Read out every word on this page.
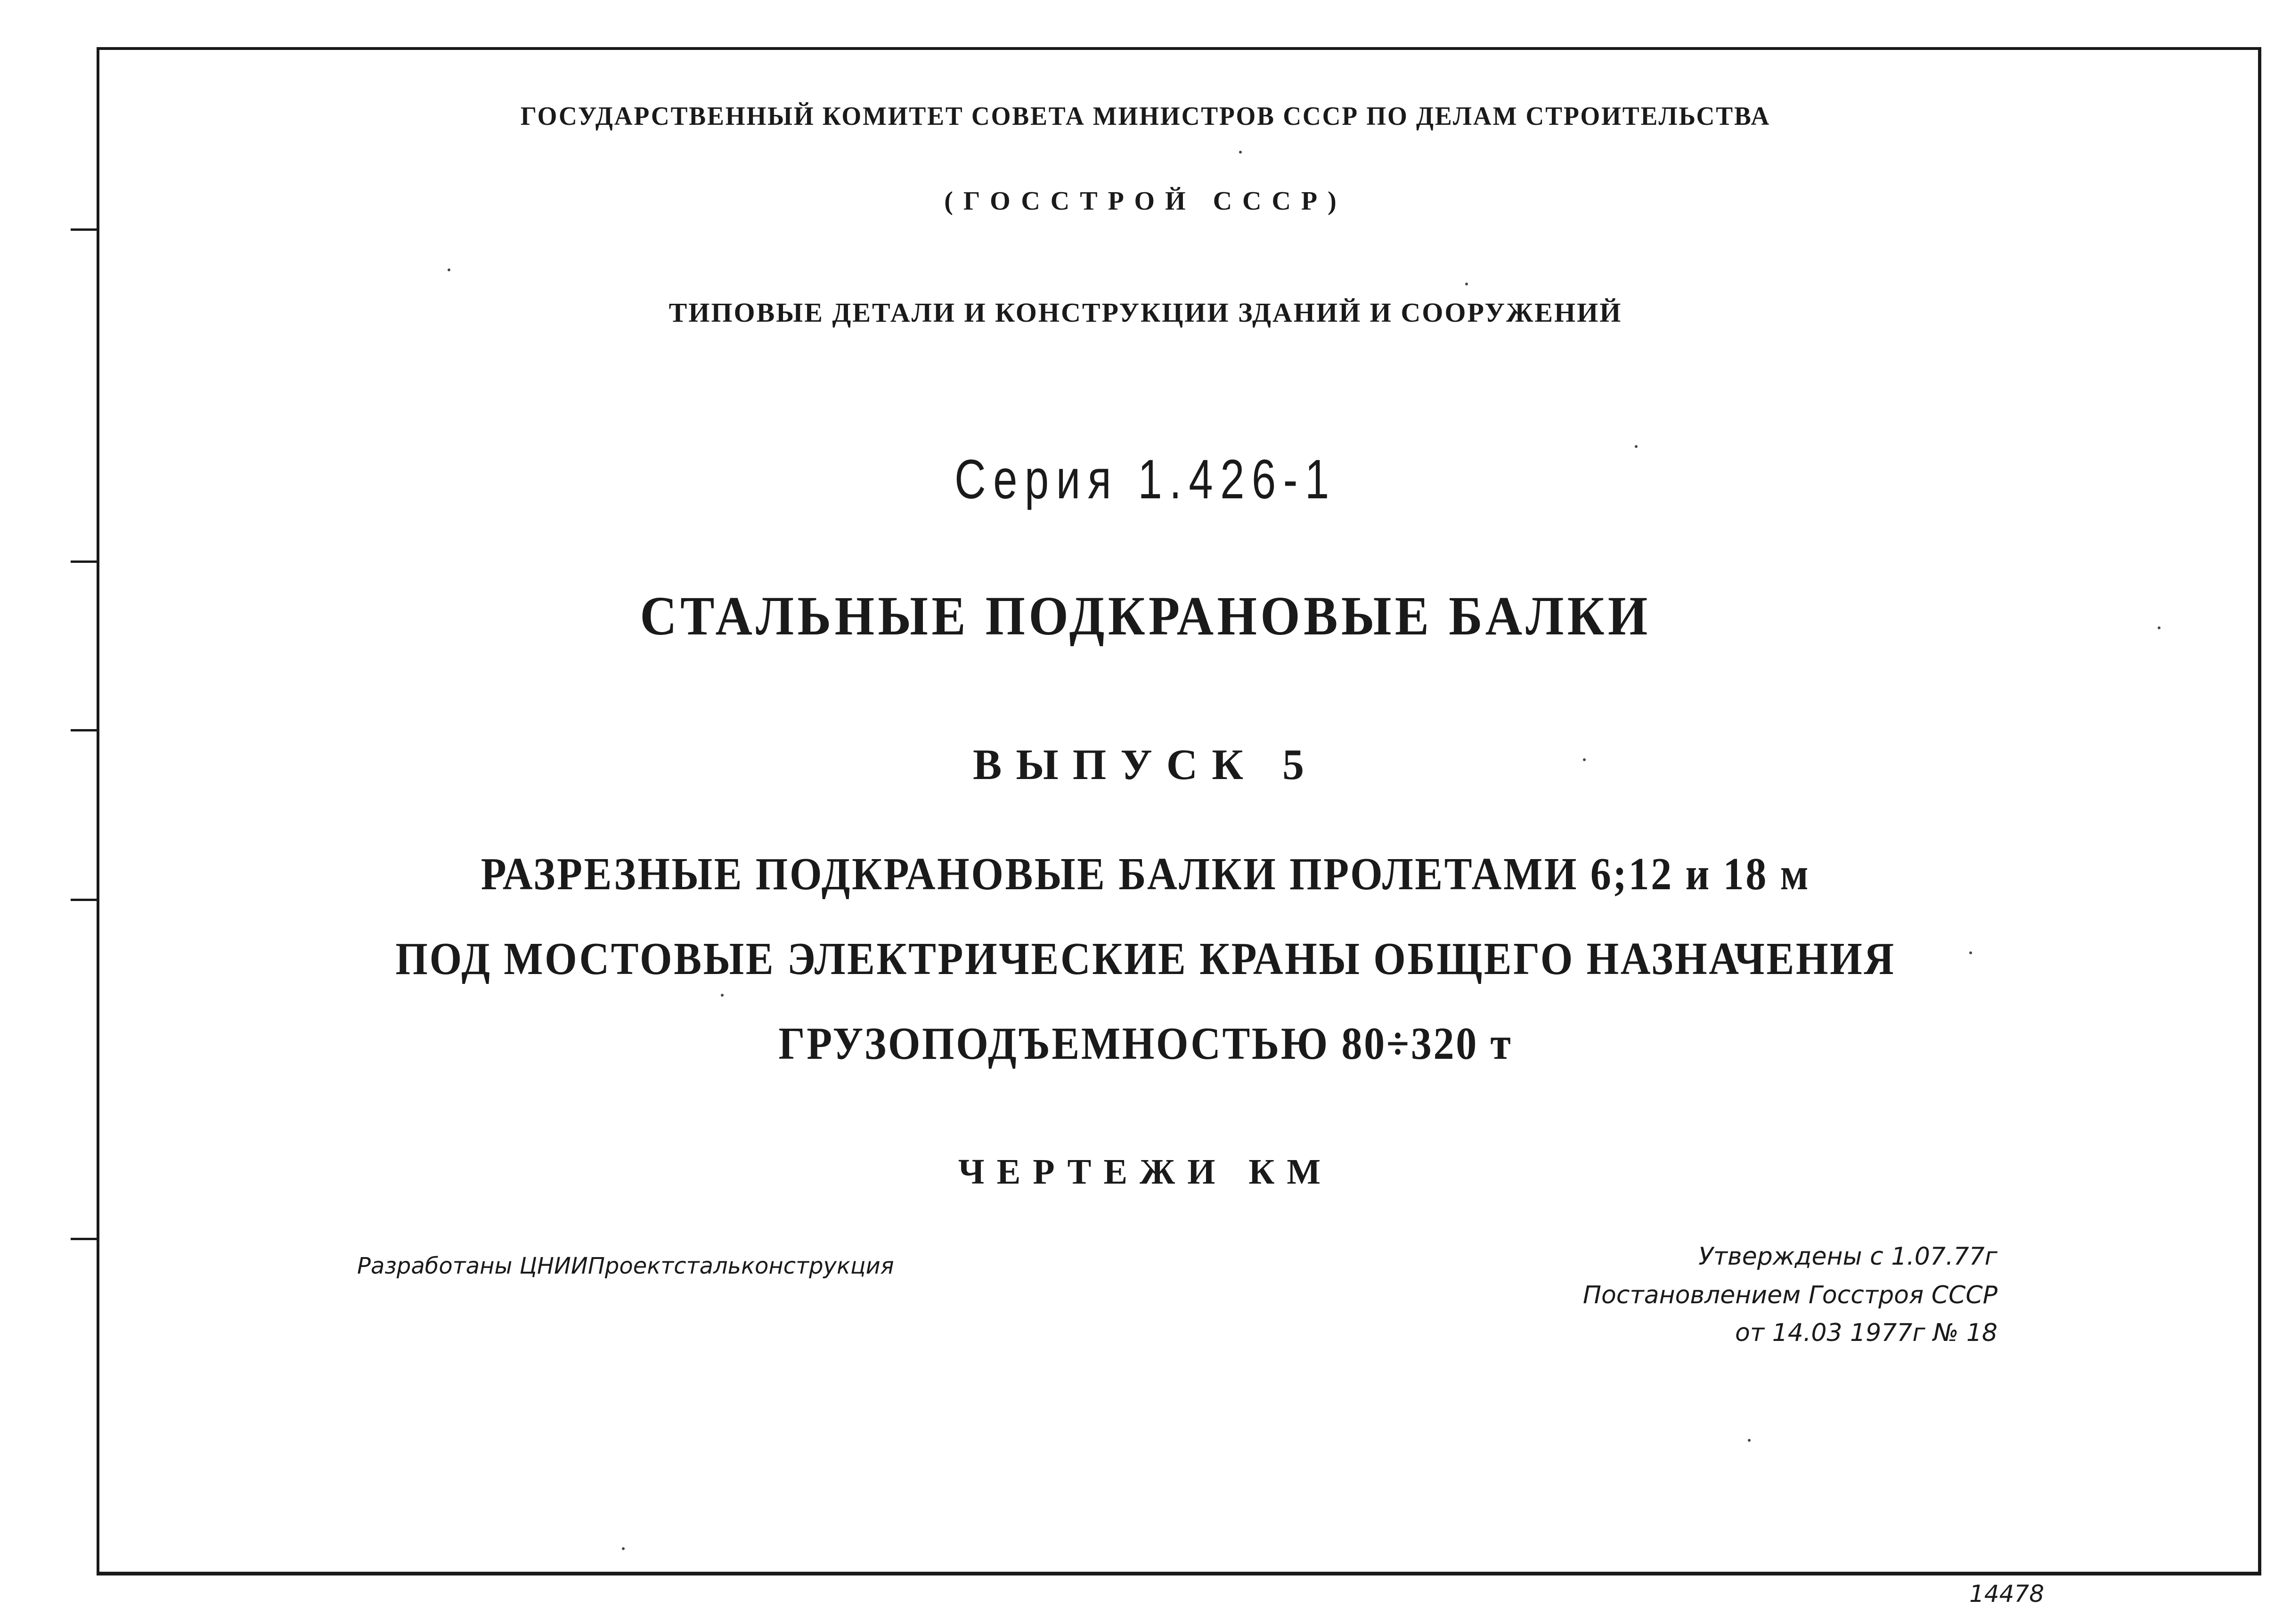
ГОСУДАРСТВЕННЫЙ КОМИТЕТ СОВЕТА МИНИСТРОВ СССР ПО ДЕЛАМ СТРОИТЕЛЬСТВА
(ГОССТРОЙ СССР)
ТИПОВЫЕ ДЕТАЛИ И КОНСТРУКЦИИ ЗДАНИЙ И СООРУЖЕНИЙ
Серия 1.426-1
СТАЛЬНЫЕ ПОДКРАНОВЫЕ БАЛКИ
ВЫПУСК 5
РАЗРЕЗНЫЕ ПОДКРАНОВЫЕ БАЛКИ ПРОЛЕТАМИ 6;12 и 18 м
ПОД МОСТОВЫЕ ЭЛЕКТРИЧЕСКИЕ КРАНЫ ОБЩЕГО НАЗНАЧЕНИЯ
ГРУЗОПОДЪЕМНОСТЬЮ 80÷320 т
ЧЕРТЕЖИ КМ
Разработаны ЦНИИПроектстальконструкция	Утверждены с 1.07.77г
Постановлением Госстроя СССР
от 14.03 1977г № 18
14478
